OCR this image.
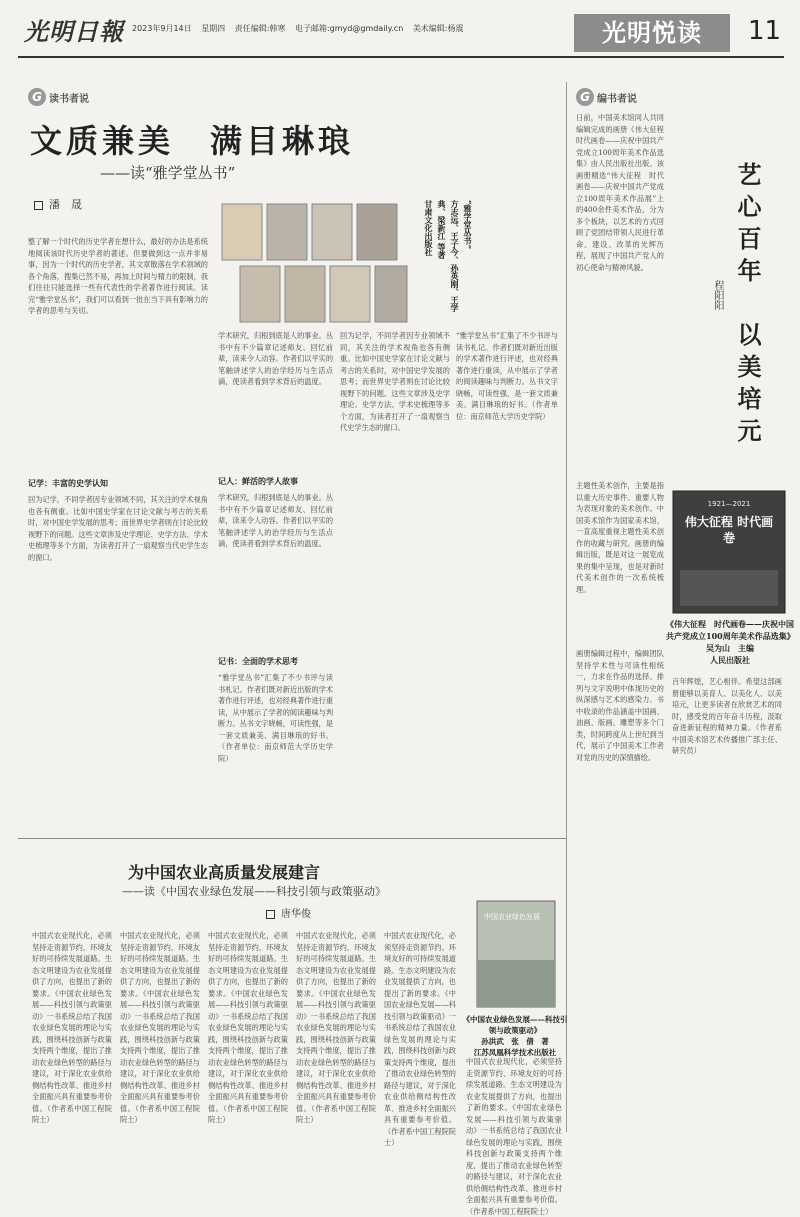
光明日報 2023年9月14日 星期四 责任编辑:韩寒 电子邮箱:gmyd@gmdaily.cn 美术编辑:杨震	光明悦读	11
G 读书者说
文质兼美　满目琳琅
——读“雅学堂丛书”
潘　晟
整了解一个时代的历史学者在想什么，最好的办法是系统地阅读该时代历史学者的著述。但要做到这一点并非易事，因为一个时代的历史学者，其文章散落在学术领域的各个角落，搜集已然不易，再加上时间与精力的限制，我们往往只能选择一些有代表性的学者著作进行阅读。读完“雅学堂丛书”，我们可以看到一批在当下具有影响力的学者的思考与关切。
记学：丰富的史学认知
回为记学，不同学者因专业领域不同，其关注的学术视角也各有侧重。比如中国史学家在讨论文献与考古的关系时，对中国史学发展的思考；而世界史学者则在讨论比较视野下的问题。这些文章涉及史学理论、史学方法、学术史梳理等多个方面，为读者打开了一扇观察当代史学生态的窗口。
“雅学堂丛书”
方志远、王子今、孙英刚、王学典、梁新江 等著
甘肃文化出版社
记人：鲜活的学人故事
学术研究，归根到底是人的事业。丛书中有不少篇章记述师友、回忆前辈，读来令人动容。作者们以平实的笔触讲述学人的治学经历与生活点滴，使读者看到学术背后的温度。
学术研究，归根到底是人的事业。丛书中有不少篇章记述师友、回忆前辈，读来令人动容。作者们以平实的笔触讲述学人的治学经历与生活点滴，使读者看到学术背后的温度。
记书：全面的学术思考
“雅学堂丛书”汇集了不少书评与读书札记。作者们既对新近出版的学术著作进行评述，也对经典著作进行重读，从中展示了学者的阅读趣味与判断力。丛书文字晓畅，可读性强，是一套文质兼美、满目琳琅的好书。（作者单位：南京师范大学历史学院）
回为记学，不同学者因专业领域不同，其关注的学术视角也各有侧重。比如中国史学家在讨论文献与考古的关系时，对中国史学发展的思考；而世界史学者则在讨论比较视野下的问题。这些文章涉及史学理论、史学方法、学术史梳理等多个方面，为读者打开了一扇观察当代史学生态的窗口。
“雅学堂丛书”汇集了不少书评与读书札记。作者们既对新近出版的学术著作进行评述，也对经典著作进行重读，从中展示了学者的阅读趣味与判断力。丛书文字晓畅，可读性强，是一套文质兼美、满目琳琅的好书。（作者单位：南京师范大学历史学院）
为中国农业高质量发展建言
——读《中国农业绿色发展——科技引领与政策驱动》
唐华俊
中国式农业现代化，必须坚持走资源节约、环境友好的可持续发展道路。生态文明建设为农业发展提供了方向，也提出了新的要求。《中国农业绿色发展——科技引领与政策驱动》一书系统总结了我国农业绿色发展的理论与实践，围绕科技创新与政策支持两个维度，提出了推动农业绿色转型的路径与建议，对于深化农业供给侧结构性改革、推进乡村全面振兴具有重要参考价值。（作者系中国工程院院士）
中国式农业现代化，必须坚持走资源节约、环境友好的可持续发展道路。生态文明建设为农业发展提供了方向，也提出了新的要求。《中国农业绿色发展——科技引领与政策驱动》一书系统总结了我国农业绿色发展的理论与实践，围绕科技创新与政策支持两个维度，提出了推动农业绿色转型的路径与建议，对于深化农业供给侧结构性改革、推进乡村全面振兴具有重要参考价值。（作者系中国工程院院士）
中国式农业现代化，必须坚持走资源节约、环境友好的可持续发展道路。生态文明建设为农业发展提供了方向，也提出了新的要求。《中国农业绿色发展——科技引领与政策驱动》一书系统总结了我国农业绿色发展的理论与实践，围绕科技创新与政策支持两个维度，提出了推动农业绿色转型的路径与建议，对于深化农业供给侧结构性改革、推进乡村全面振兴具有重要参考价值。（作者系中国工程院院士）
中国式农业现代化，必须坚持走资源节约、环境友好的可持续发展道路。生态文明建设为农业发展提供了方向，也提出了新的要求。《中国农业绿色发展——科技引领与政策驱动》一书系统总结了我国农业绿色发展的理论与实践，围绕科技创新与政策支持两个维度，提出了推动农业绿色转型的路径与建议，对于深化农业供给侧结构性改革、推进乡村全面振兴具有重要参考价值。（作者系中国工程院院士）
中国式农业现代化，必须坚持走资源节约、环境友好的可持续发展道路。生态文明建设为农业发展提供了方向，也提出了新的要求。《中国农业绿色发展——科技引领与政策驱动》一书系统总结了我国农业绿色发展的理论与实践，围绕科技创新与政策支持两个维度，提出了推动农业绿色转型的路径与建议，对于深化农业供给侧结构性改革、推进乡村全面振兴具有重要参考价值。（作者系中国工程院院士）
中国农业绿色发展
《中国农业绿色发展——科技引领与政策驱动》
孙洪武　张　倩　著
江苏凤凰科学技术出版社
中国式农业现代化，必须坚持走资源节约、环境友好的可持续发展道路。生态文明建设为农业发展提供了方向，也提出了新的要求。《中国农业绿色发展——科技引领与政策驱动》一书系统总结了我国农业绿色发展的理论与实践，围绕科技创新与政策支持两个维度，提出了推动农业绿色转型的路径与建议，对于深化农业供给侧结构性改革、推进乡村全面振兴具有重要参考价值。（作者系中国工程院院士）
G 编书者说
艺心百年　以美培元
程阳阳
日前，中国美术馆同人共同编辑完成的画册《伟大征程　时代画卷——庆祝中国共产党成立100周年美术作品选集》由人民出版社出版。该画册精选“伟大征程　时代画卷——庆祝中国共产党成立100周年美术作品展”上的400余件美术作品，分为多个板块，以艺术的方式回顾了党团结带领人民进行革命、建设、改革的光辉历程，展现了中国共产党人的初心使命与精神风貌。
主题性美术创作，主要是指以重大历史事件、重要人物为表现对象的美术创作。中国美术馆作为国家美术馆，一直高度重视主题性美术创作的收藏与研究。画册的编辑出版，既是对这一展览成果的集中呈现，也是对新时代美术创作的一次系统梳理。
1921—2021
伟大征程 时代画卷
《伟大征程　时代画卷——庆祝中国共产党成立100周年美术作品选集》
吴为山　主编
人民出版社
画册编辑过程中，编辑团队坚持学术性与可读性相统一，力求在作品的选择、排列与文字说明中体现历史的纵深感与艺术的感染力。书中收录的作品涵盖中国画、油画、版画、雕塑等多个门类，时间跨度从上世纪到当代，展示了中国美术工作者对党的历史的深情描绘。
百年辉煌，艺心相伴。希望这部画册能够以美育人、以美化人、以美培元，让更多读者在欣赏艺术的同时，感受党的百年奋斗历程，汲取奋进新征程的精神力量。（作者系中国美术馆艺术传播推广部主任、研究员）
